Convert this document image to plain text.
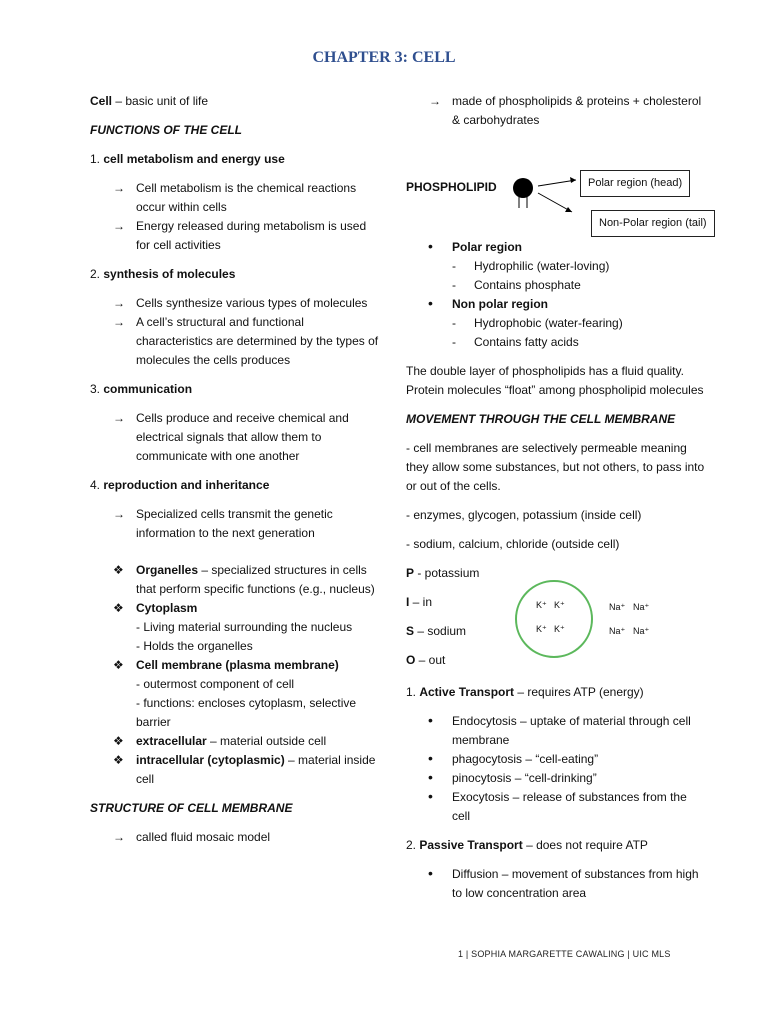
CHAPTER 3: CELL

Cell – basic unit of life

FUNCTIONS OF THE CELL

1. cell metabolism and energy use

→ Cell metabolism is the chemical reactions occur within cells

→ Energy released during metabolism is used for cell activities

2. synthesis of molecules

→ Cells synthesize various types of molecules

→ A cell’s structural and functional characteristics are determined by the types of molecules the cells produces

3. communication

→ Cells produce and receive chemical and electrical signals that allow them to communicate with one another

4. reproduction and inheritance

→ Specialized cells transmit the genetic information to the next generation

❖ Organelles – specialized structures in cells that perform specific functions (e.g., nucleus)

❖ Cytoplasm

- Living material surrounding the nucleus

- Holds the organelles

❖ Cell membrane (plasma membrane)

- outermost component of cell

- functions: encloses cytoplasm, selective barrier

❖ extracellular – material outside cell

❖ intracellular (cytoplasmic) – material inside cell

STRUCTURE OF CELL MEMBRANE

→ called fluid mosaic model

→ made of phospholipids & proteins + cholesterol & carbohydrates

PHOSPHOLIPID	Polar region (head)
Non-Polar region (tail)

• Polar region

- Hydrophilic (water-loving)

- Contains phosphate

• Non polar region

- Hydrophobic (water-fearing)

- Contains fatty acids

The double layer of phospholipids has a fluid quality. Protein molecules “float” among phospholipid molecules

MOVEMENT THROUGH THE CELL MEMBRANE

- cell membranes are selectively permeable meaning they allow some substances, but not others, to pass into or out of the cells.

- enzymes, glycogen, potassium (inside cell)

- sodium, calcium, chloride (outside cell)

P - potassium

I – in

S – sodium

O – out

K⁺ K⁺
K⁺ K⁺
Na⁺ Na⁺
Na⁺ Na⁺

1. Active Transport – requires ATP (energy)

• Endocytosis – uptake of material through cell membrane

• phagocytosis – “cell-eating”

• pinocytosis – “cell-drinking”

• Exocytosis – release of substances from the cell

2. Passive Transport – does not require ATP

• Diffusion – movement of substances from high to low concentration area

1 | SOPHIA MARGARETTE CAWALING | UIC MLS
